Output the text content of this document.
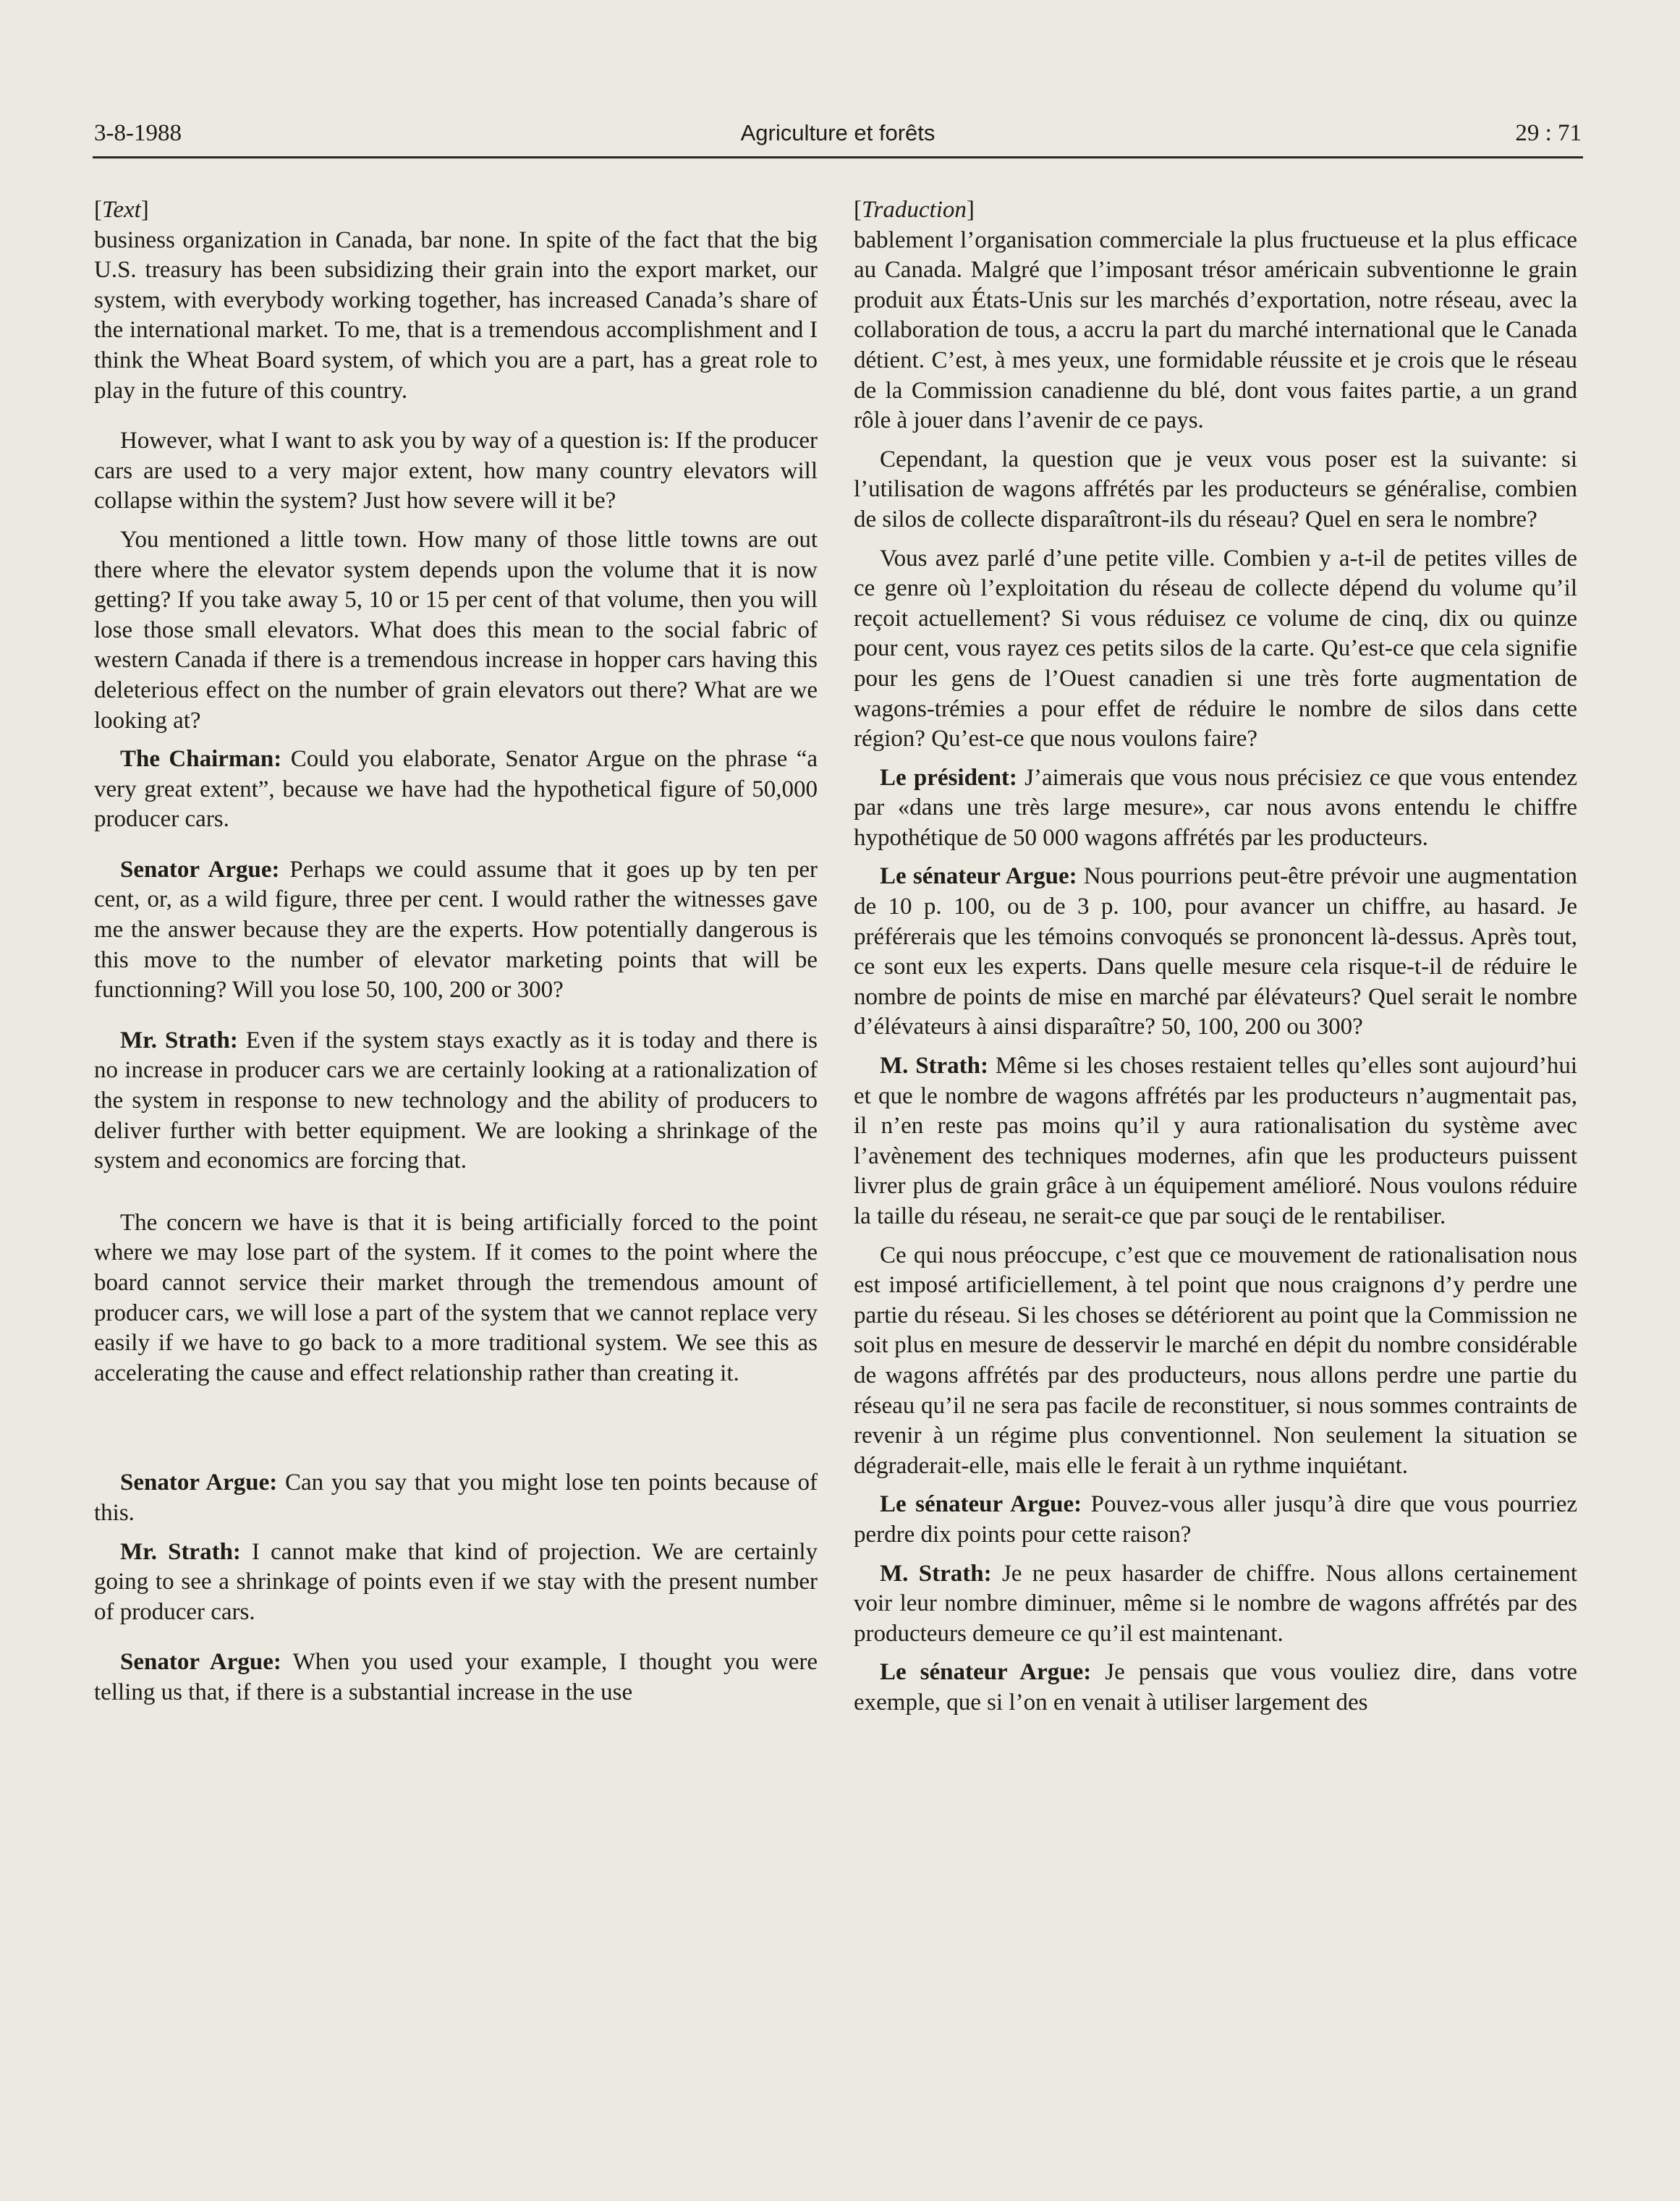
3-8-1988	Agriculture et forêts	29 : 71

[Text]

business organization in Canada, bar none. In spite of the fact that the big U.S. treasury has been subsidizing their grain into the export market, our system, with everybody working together, has increased Canada’s share of the international market. To me, that is a tremendous accomplishment and I think the Wheat Board system, of which you are a part, has a great role to play in the future of this country.

However, what I want to ask you by way of a question is: If the producer cars are used to a very major extent, how many country elevators will collapse within the system? Just how severe will it be?

You mentioned a little town. How many of those little towns are out there where the elevator system depends upon the volume that it is now getting? If you take away 5, 10 or 15 per cent of that volume, then you will lose those small elevators. What does this mean to the social fabric of western Canada if there is a tremendous increase in hopper cars having this deleterious effect on the number of grain elevators out there? What are we looking at?

The Chairman: Could you elaborate, Senator Argue on the phrase “a very great extent”, because we have had the hypothetical figure of 50,000 producer cars.

Senator Argue: Perhaps we could assume that it goes up by ten per cent, or, as a wild figure, three per cent. I would rather the witnesses gave me the answer because they are the experts. How potentially dangerous is this move to the number of elevator marketing points that will be functionning? Will you lose 50, 100, 200 or 300?

Mr. Strath: Even if the system stays exactly as it is today and there is no increase in producer cars we are certainly looking at a rationalization of the system in response to new technology and the ability of producers to deliver further with better equipment. We are looking a shrinkage of the system and economics are forcing that.

The concern we have is that it is being artificially forced to the point where we may lose part of the system. If it comes to the point where the board cannot service their market through the tremendous amount of producer cars, we will lose a part of the system that we cannot replace very easily if we have to go back to a more traditional system. We see this as accelerating the cause and effect relationship rather than creating it.

Senator Argue: Can you say that you might lose ten points because of this.

Mr. Strath: I cannot make that kind of projection. We are certainly going to see a shrinkage of points even if we stay with the present number of producer cars.

Senator Argue: When you used your example, I thought you were telling us that, if there is a substantial increase in the use

[Traduction]

bablement l’organisation commerciale la plus fructueuse et la plus efficace au Canada. Malgré que l’imposant trésor américain subventionne le grain produit aux États-Unis sur les marchés d’exportation, notre réseau, avec la collaboration de tous, a accru la part du marché international que le Canada détient. C’est, à mes yeux, une formidable réussite et je crois que le réseau de la Commission canadienne du blé, dont vous faites partie, a un grand rôle à jouer dans l’avenir de ce pays.

Cependant, la question que je veux vous poser est la suivante: si l’utilisation de wagons affrétés par les producteurs se généralise, combien de silos de collecte disparaîtront-ils du réseau? Quel en sera le nombre?

Vous avez parlé d’une petite ville. Combien y a-t-il de petites villes de ce genre où l’exploitation du réseau de collecte dépend du volume qu’il reçoit actuellement? Si vous réduisez ce volume de cinq, dix ou quinze pour cent, vous rayez ces petits silos de la carte. Qu’est-ce que cela signifie pour les gens de l’Ouest canadien si une très forte augmentation de wagons-trémies a pour effet de réduire le nombre de silos dans cette région? Qu’est-ce que nous voulons faire?

Le président: J’aimerais que vous nous précisiez ce que vous entendez par «dans une très large mesure», car nous avons entendu le chiffre hypothétique de 50 000 wagons affrétés par les producteurs.

Le sénateur Argue: Nous pourrions peut-être prévoir une augmentation de 10 p. 100, ou de 3 p. 100, pour avancer un chiffre, au hasard. Je préférerais que les témoins convoqués se prononcent là-dessus. Après tout, ce sont eux les experts. Dans quelle mesure cela risque-t-il de réduire le nombre de points de mise en marché par élévateurs? Quel serait le nombre d’élévateurs à ainsi disparaître? 50, 100, 200 ou 300?

M. Strath: Même si les choses restaient telles qu’elles sont aujourd’hui et que le nombre de wagons affrétés par les producteurs n’augmentait pas, il n’en reste pas moins qu’il y aura rationalisation du système avec l’avènement des techniques modernes, afin que les producteurs puissent livrer plus de grain grâce à un équipement amélioré. Nous voulons réduire la taille du réseau, ne serait-ce que par souçi de le rentabiliser.

Ce qui nous préoccupe, c’est que ce mouvement de rationalisation nous est imposé artificiellement, à tel point que nous craignons d’y perdre une partie du réseau. Si les choses se détériorent au point que la Commission ne soit plus en mesure de desservir le marché en dépit du nombre considérable de wagons affrétés par des producteurs, nous allons perdre une partie du réseau qu’il ne sera pas facile de reconstituer, si nous sommes contraints de revenir à un régime plus conventionnel. Non seulement la situation se dégraderait-elle, mais elle le ferait à un rythme inquiétant.

Le sénateur Argue: Pouvez-vous aller jusqu’à dire que vous pourriez perdre dix points pour cette raison?

M. Strath: Je ne peux hasarder de chiffre. Nous allons certainement voir leur nombre diminuer, même si le nombre de wagons affrétés par des producteurs demeure ce qu’il est maintenant.

Le sénateur Argue: Je pensais que vous vouliez dire, dans votre exemple, que si l’on en venait à utiliser largement des
